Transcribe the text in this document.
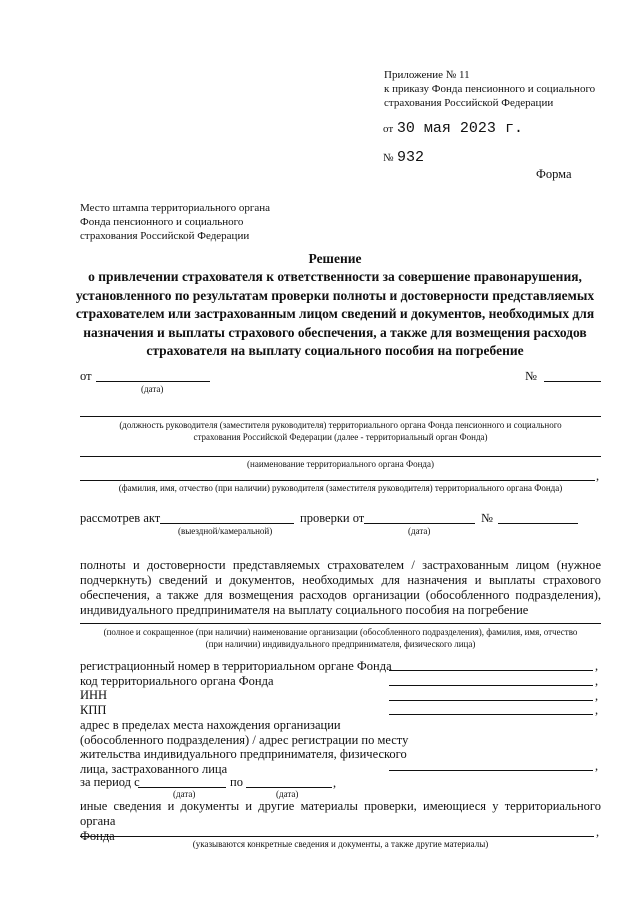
Приложение № 11
к приказу Фонда пенсионного и социального
страхования Российской Федерации
от 30 мая 2023 г.
№ 932
Форма
Место штампа территориального органа
Фонда пенсионного и социального
страхования Российской Федерации
Решение
о привлечении страхователя к ответственности за совершение правонарушения,
установленного по результатам проверки полноты и достоверности представляемых
страхователем или застрахованным лицом сведений и документов, необходимых для
назначения и выплаты страхового обеспечения, а также для возмещения расходов
страхователя на выплату социального пособия на погребение
от
(дата)
№
(должность руководителя (заместителя руководителя) территориального органа Фонда пенсионного и социального
страхования Российской Федерации (далее - территориальный орган Фонда)
(наименование территориального органа Фонда)
,
(фамилия, имя, отчество (при наличии) руководителя (заместителя руководителя) территориального органа Фонда)
рассмотрев акт
(выездной/камеральной)
проверки от
(дата)
№
полноты и достоверности представляемых страхователем / застрахованным лицом (нужное
подчеркнуть) сведений и документов, необходимых для назначения и выплаты страхового
обеспечения, а также для возмещения расходов организации (обособленного подразделения),
индивидуального предпринимателя на выплату социального пособия на погребение
(полное и сокращенное (при наличии) наименование организации (обособленного подразделения), фамилия, имя, отчество
(при наличии) индивидуального предпринимателя, физического лица)
регистрационный номер в территориальном органе Фонда
код территориального органа Фонда
ИНН
КПП
адрес в пределах места нахождения организации
(обособленного подразделения) / адрес регистрации по месту
жительства индивидуального предпринимателя, физического
лица, застрахованного лица
,
,
,
,
,
за период с
(дата)
по	,
(дата)
иные сведения и документы и другие материалы проверки, имеющиеся у территориального органа
Фонда	,
(указываются конкретные сведения и документы, а также другие материалы)
